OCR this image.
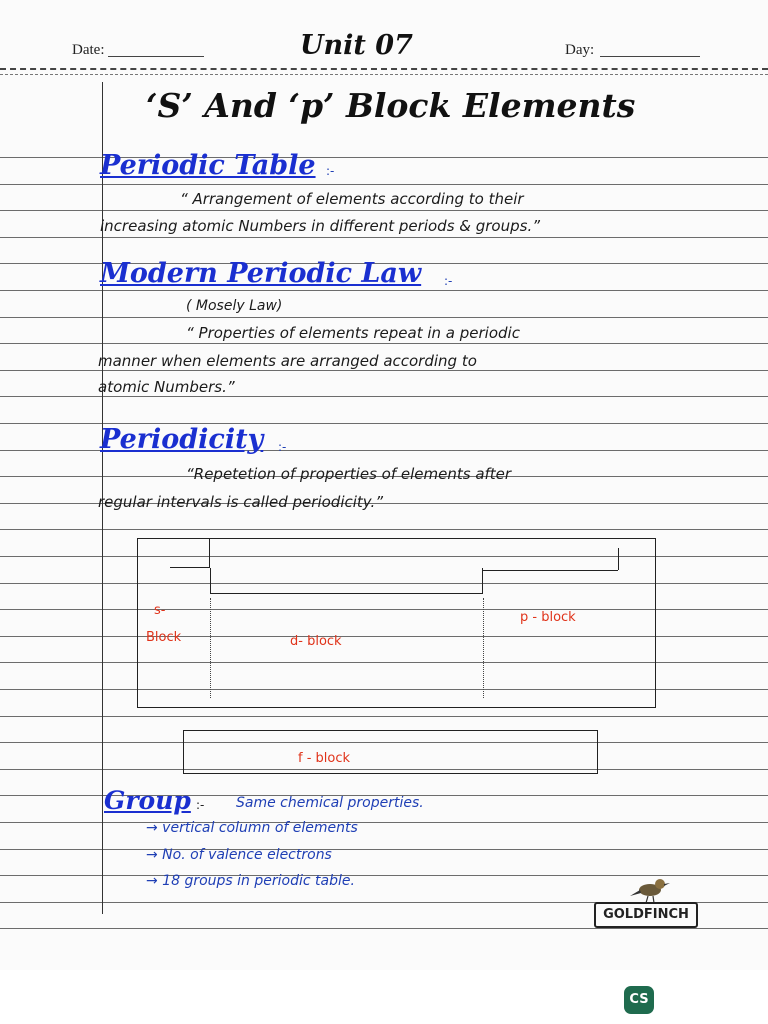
Date:	Unit 07	Day:
‘S’ And ‘p’ Block Elements
Periodic Table :-
“ Arrangement of elements according to their
increasing atomic Numbers in different periods & groups.”
Modern Periodic Law :-
( Mosely Law)
“ Properties of elements repeat in a periodic
manner when elements are arranged according to
atomic Numbers.”
Periodicity :-
“Repetetion of properties of elements after
regular intervals is called periodicity.”
s-
Block	d- block
p - block
f - block
Group :- Same chemical properties.
→ vertical column of elements
→ No. of valence electrons
→ 18 groups in periodic table.
GOLDFINCH
CS
